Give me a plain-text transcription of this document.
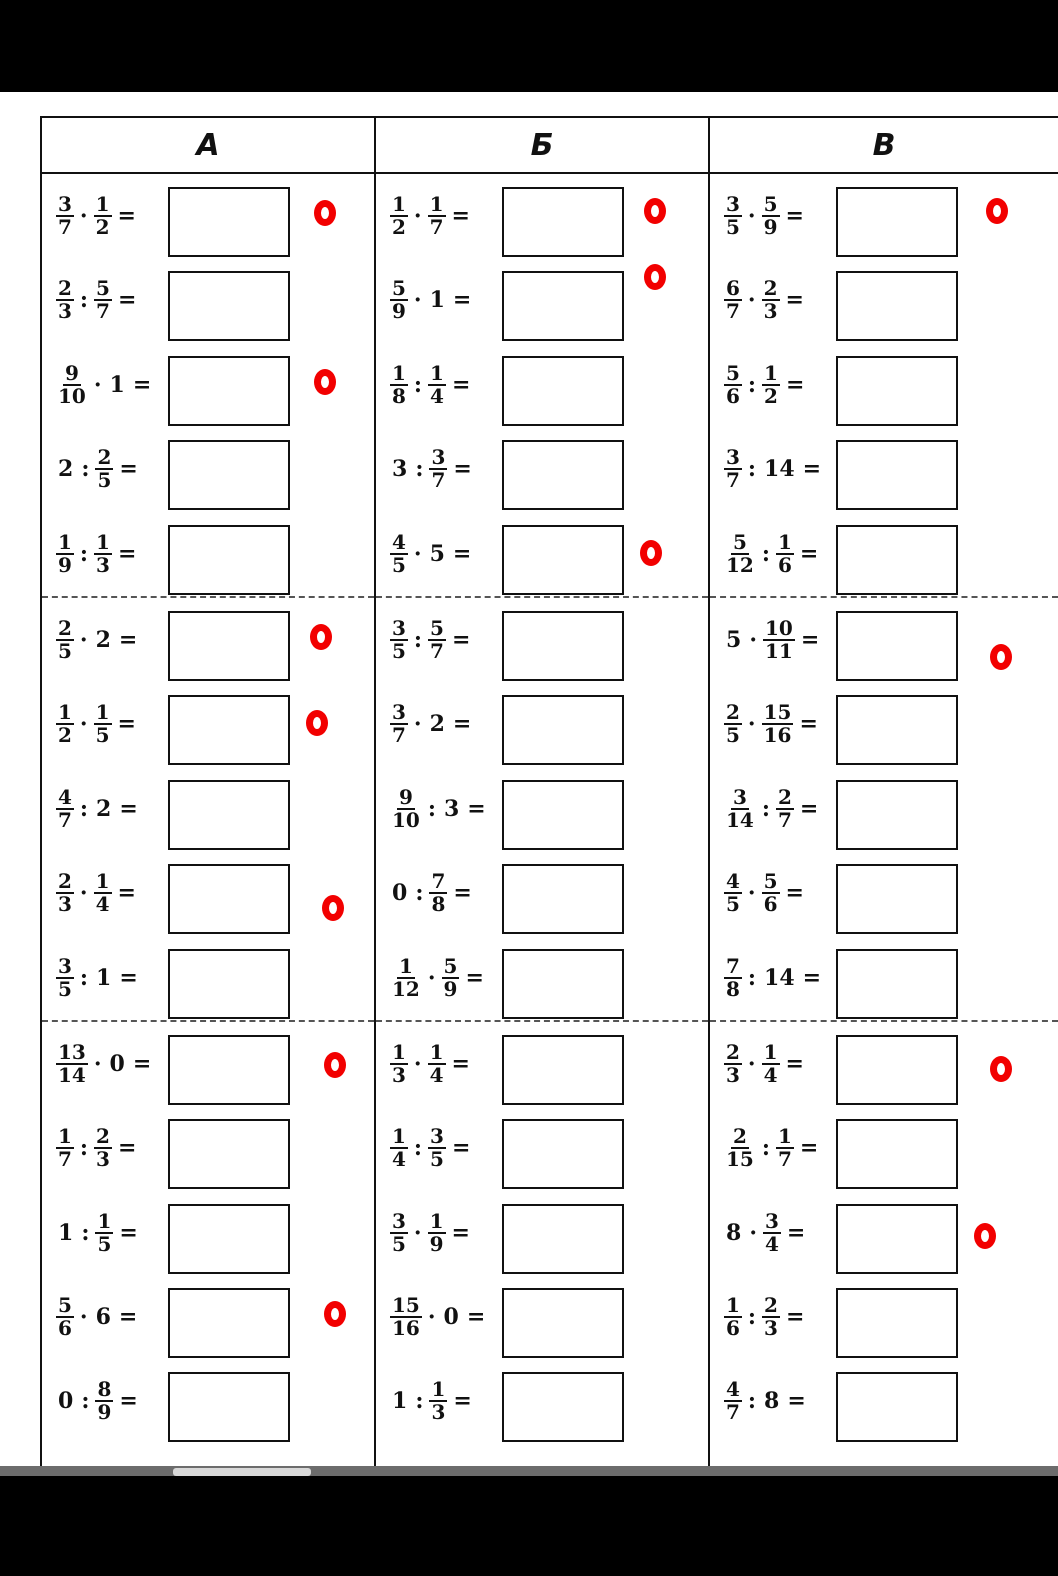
А
$\frac{3}{7} \cdot \frac{1}{2}$ =
$\frac{2}{3}$ : $\frac{5}{7}$ =
$\frac{9}{10} \cdot 1$ =
2 : $\frac{2}{5}$ =
$\frac{1}{9}$ : $\frac{1}{3}$ =
$\frac{2}{5} \cdot 2$ =
$\frac{1}{2} \cdot \frac{1}{5}$ =
$\frac{4}{7}$ : 2 =
$\frac{2}{3} \cdot \frac{1}{4}$ =
$\frac{3}{5}$ : 1 =
$\frac{13}{14} \cdot 0$ =
$\frac{1}{7}$ : $\frac{2}{3}$ =
1 : $\frac{1}{5}$ =
$\frac{5}{6} \cdot 6$ =
0 : $\frac{8}{9}$ =
Б
$\frac{1}{2} \cdot \frac{1}{7}$ =
$\frac{5}{9} \cdot 1$ =
$\frac{1}{8}$ : $\frac{1}{4}$ =
3 : $\frac{3}{7}$ =
$\frac{4}{5} \cdot 5$ =
$\frac{3}{5}$ : $\frac{5}{7}$ =
$\frac{3}{7} \cdot 2$ =
$\frac{9}{10}$ : 3 =
0 : $\frac{7}{8}$ =
$\frac{1}{12} \cdot \frac{5}{9}$ =
$\frac{1}{3} \cdot \frac{1}{4}$ =
$\frac{1}{4}$ : $\frac{3}{5}$ =
$\frac{3}{5} \cdot \frac{1}{9}$ =
$\frac{15}{16} \cdot 0$ =
1 : $\frac{1}{3}$ =
В
$\frac{3}{5} \cdot \frac{5}{9}$ =
$\frac{6}{7} \cdot \frac{2}{3}$ =
$\frac{5}{6}$ : $\frac{1}{2}$ =
$\frac{3}{7}$ : 14 =
$\frac{5}{12}$ : $\frac{1}{6}$ =
$5 \cdot \frac{10}{11}$ =
$\frac{2}{5} \cdot \frac{15}{16}$ =
$\frac{3}{14}$ : $\frac{2}{7}$ =
$\frac{4}{5} \cdot \frac{5}{6}$ =
$\frac{7}{8}$ : 14 =
$\frac{2}{3} \cdot \frac{1}{4}$ =
$\frac{2}{15}$ : $\frac{1}{7}$ =
$8 \cdot \frac{3}{4}$ =
$\frac{1}{6}$ : $\frac{2}{3}$ =
$\frac{4}{7}$ : 8 =
